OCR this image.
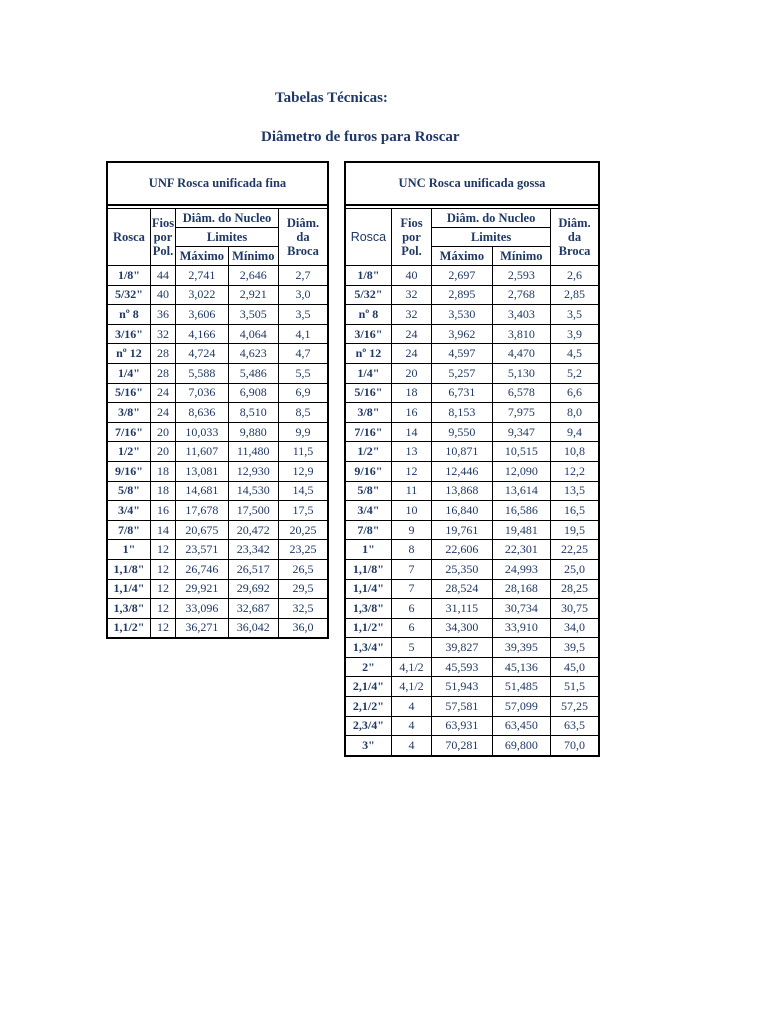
Tabelas Técnicas:
Diâmetro de furos para Roscar
UNF Rosca unificada fina				

Rosca	Fios por Pol.	Diâm. do Nucleo		Diâm. da Broca
		Limites		
		Máximo	Mínimo	
1/8"	44	2,741	2,646	2,7
5/32"	40	3,022	2,921	3,0
nº 8	36	3,606	3,505	3,5
3/16"	32	4,166	4,064	4,1
nº 12	28	4,724	4,623	4,7
1/4"	28	5,588	5,486	5,5
5/16"	24	7,036	6,908	6,9
3/8"	24	8,636	8,510	8,5
7/16"	20	10,033	9,880	9,9
1/2"	20	11,607	11,480	11,5
9/16"	18	13,081	12,930	12,9
5/8"	18	14,681	14,530	14,5
3/4"	16	17,678	17,500	17,5
7/8"	14	20,675	20,472	20,25
1"	12	23,571	23,342	23,25
1,1/8"	12	26,746	26,517	26,5
1,1/4"	12	29,921	29,692	29,5
1,3/8"	12	33,096	32,687	32,5
1,1/2"	12	36,271	36,042	36,0
UNC Rosca unificada gossa				

Rosca	Fios por Pol.	Diâm. do Nucleo		Diâm. da Broca
		Limites		
		Máximo	Mínimo	
1/8"	40	2,697	2,593	2,6
5/32"	32	2,895	2,768	2,85
nº 8	32	3,530	3,403	3,5
3/16"	24	3,962	3,810	3,9
nº 12	24	4,597	4,470	4,5
1/4"	20	5,257	5,130	5,2
5/16"	18	6,731	6,578	6,6
3/8"	16	8,153	7,975	8,0
7/16"	14	9,550	9,347	9,4
1/2"	13	10,871	10,515	10,8
9/16"	12	12,446	12,090	12,2
5/8"	11	13,868	13,614	13,5
3/4"	10	16,840	16,586	16,5
7/8"	9	19,761	19,481	19,5
1"	8	22,606	22,301	22,25
1,1/8"	7	25,350	24,993	25,0
1,1/4"	7	28,524	28,168	28,25
1,3/8"	6	31,115	30,734	30,75
1,1/2"	6	34,300	33,910	34,0
1,3/4"	5	39,827	39,395	39,5
2"	4,1/2	45,593	45,136	45,0
2,1/4"	4,1/2	51,943	51,485	51,5
2,1/2"	4	57,581	57,099	57,25
2,3/4"	4	63,931	63,450	63,5
3"	4	70,281	69,800	70,0
